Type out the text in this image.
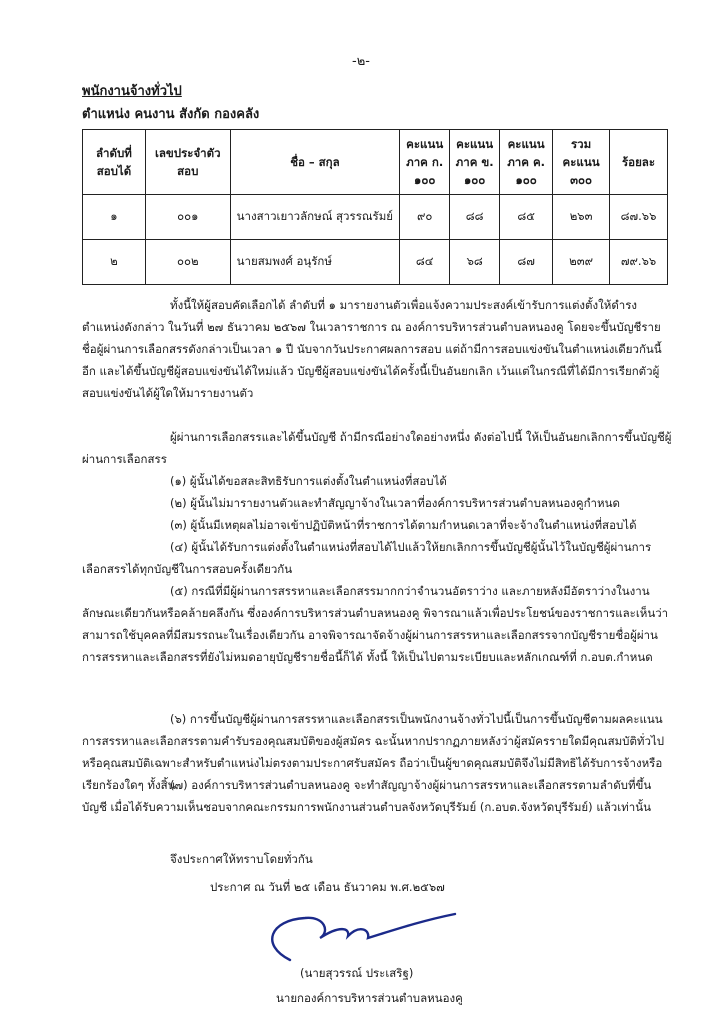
-๒-
พนักงานจ้างทั่วไป
ตำแหน่ง คนงาน สังกัด กองคลัง
ลำดับที่ สอบได้	เลขประจำตัว สอบ	ชื่อ – สกุล	คะแนน ภาค ก. ๑๐๐	คะแนน ภาค ข. ๑๐๐	คะแนน ภาค ค. ๑๐๐	รวม คะแนน ๓๐๐	ร้อยละ
๑	๐๐๑	นางสาวเยาวลักษณ์ สุวรรณรัมย์	๙๐	๘๘	๘๕	๒๖๓	๘๗.๖๖
๒	๐๐๒	นายสมพงศ์ อนุรักษ์	๘๔	๖๘	๘๗	๒๓๙	๗๙.๖๖
ทั้งนี้ให้ผู้สอบคัดเลือกได้ ลำดับที่ ๑ มารายงานตัวเพื่อแจ้งความประสงค์เข้ารับการแต่งตั้งให้ดำรงตำแหน่งดังกล่าว ในวันที่ ๒๗ ธันวาคม ๒๕๖๗ ในเวลาราชการ ณ องค์การบริหารส่วนตำบลหนองคู โดยจะขึ้นบัญชีรายชื่อผู้ผ่านการเลือกสรรดังกล่าวเป็นเวลา ๑ ปี นับจากวันประกาศผลการสอบ แต่ถ้ามีการสอบแข่งขันในตำแหน่งเดียวกันนี้อีก และได้ขึ้นบัญชีผู้สอบแข่งขันได้ใหม่แล้ว บัญชีผู้สอบแข่งขันได้ครั้งนี้เป็นอันยกเลิก เว้นแต่ในกรณีที่ได้มีการเรียกตัวผู้สอบแข่งขันได้ผู้ใดให้มารายงานตัว
ผู้ผ่านการเลือกสรรและได้ขึ้นบัญชี ถ้ามีกรณีอย่างใดอย่างหนึ่ง ดังต่อไปนี้ ให้เป็นอันยกเลิกการขึ้นบัญชีผู้ผ่านการเลือกสรร
(๑) ผู้นั้นได้ขอสละสิทธิรับการแต่งตั้งในตำแหน่งที่สอบได้
(๒) ผู้นั้นไม่มารายงานตัวและทำสัญญาจ้างในเวลาที่องค์การบริหารส่วนตำบลหนองคูกำหนด
(๓) ผู้นั้นมีเหตุผลไม่อาจเข้าปฏิบัติหน้าที่ราชการได้ตามกำหนดเวลาที่จะจ้างในตำแหน่งที่สอบได้
(๔) ผู้นั้นได้รับการแต่งตั้งในตำแหน่งที่สอบได้ไปแล้วให้ยกเลิกการขึ้นบัญชีผู้นั้นไว้ในบัญชีผู้ผ่านการเลือกสรรได้ทุกบัญชีในการสอบครั้งเดียวกัน
(๕) กรณีที่มีผู้ผ่านการสรรหาและเลือกสรรมากกว่าจำนวนอัตราว่าง และภายหลังมีอัตราว่างในงานลักษณะเดียวกันหรือคล้ายคลึงกัน ซึ่งองค์การบริหารส่วนตำบลหนองคู พิจารณาแล้วเพื่อประโยชน์ของราชการและเห็นว่าสามารถใช้บุคคลที่มีสมรรถนะในเรื่องเดียวกัน อาจพิจารณาจัดจ้างผู้ผ่านการสรรหาและเลือกสรรจากบัญชีรายชื่อผู้ผ่านการสรรหาและเลือกสรรที่ยังไม่หมดอายุบัญชีรายชื่อนี้ก็ได้ ทั้งนี้ ให้เป็นไปตามระเบียบและหลักเกณฑ์ที่ ก.อบต.กำหนด
(๖) การขึ้นบัญชีผู้ผ่านการสรรหาและเลือกสรรเป็นพนักงานจ้างทั่วไปนี้เป็นการขึ้นบัญชีตามผลคะแนนการสรรหาและเลือกสรรตามคำรับรองคุณสมบัติของผู้สมัคร ฉะนั้นหากปรากฏภายหลังว่าผู้สมัครรายใดมีคุณสมบัติทั่วไปหรือคุณสมบัติเฉพาะสำหรับตำแหน่งไม่ตรงตามประกาศรับสมัคร ถือว่าเป็นผู้ขาดคุณสมบัติจึงไม่มีสิทธิได้รับการจ้างหรือเรียกร้องใดๆ ทั้งสิ้น
(๗) องค์การบริหารส่วนตำบลหนองคู จะทำสัญญาจ้างผู้ผ่านการสรรหาและเลือกสรรตามลำดับที่ขึ้นบัญชี เมื่อได้รับความเห็นชอบจากคณะกรรมการพนักงานส่วนตำบลจังหวัดบุรีรัมย์ (ก.อบต.จังหวัดบุรีรัมย์) แล้วเท่านั้น
จึงประกาศให้ทราบโดยทั่วกัน
ประกาศ ณ วันที่ ๒๕ เดือน ธันวาคม พ.ศ.๒๕๖๗
(นายสุวรรณ์ ประเสริฐ)
นายกองค์การบริหารส่วนตำบลหนองคู
